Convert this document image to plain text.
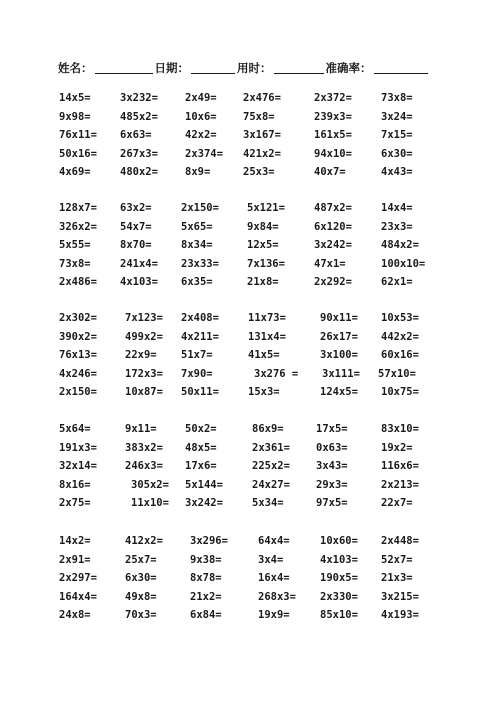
姓名：	日期：	用时：	准确率：
14x5=	3x232=	2x49=	2x476=	2x372=	73x8=
9x98=	485x2=	10x6=	75x8=	239x3=	3x24=
76x11= 6x63=	42x2=	3x167=	161x5=	7x15=
50x16= 267x3=	2x374= 421x2=	94x10=	6x30=
4x69=	480x2=	8x9=	25x3=	40x7=	4x43=
128x7= 63x2=	2x150=	5x121=	487x2=	14x4=
326x2= 54x7=	5x65=	9x84=	6x120=	23x3=
5x55=	8x70=	8x34=	12x5=	3x242=	484x2=
73x8=	241x4= 23x33=	7x136=	47x1=	100x10=
2x486= 4x103= 6x35=	21x8=	2x292=	62x1=
2x302=	7x123= 2x408=	11x73=	90x11= 10x53=
390x2=	499x2= 4x211=	131x4=	26x17= 442x2=
76x13=	22x9= 51x7=	41x5=	3x100= 60x16=
4x246=	172x3= 7x90=	3x276 = 3x111= 57x10=
2x150=	10x87= 50x11=	15x3=	124x5= 10x75=
5x64=	9x11=	50x2=	86x9=	17x5=	83x10=
191x3=	383x2= 48x5=	2x361= 0x63=	19x2=
32x14=	246x3= 17x6=	225x2= 3x43=	116x6=
8x16=	305x2= 5x144=	24x27= 29x3=	2x213=
2x75=	11x10= 3x242=	5x34=	97x5=	22x7=
14x2=	412x2=	3x296=	64x4=	10x60= 2x448=
2x91=	25x7=	9x38=	3x4=	4x103= 52x7=
2x297=	6x30=	8x78=	16x4=	190x5= 21x3=
164x4=	49x8=	21x2=	268x3= 2x330= 3x215=
24x8=	70x3=	6x84=	19x9=	85x10= 4x193=
